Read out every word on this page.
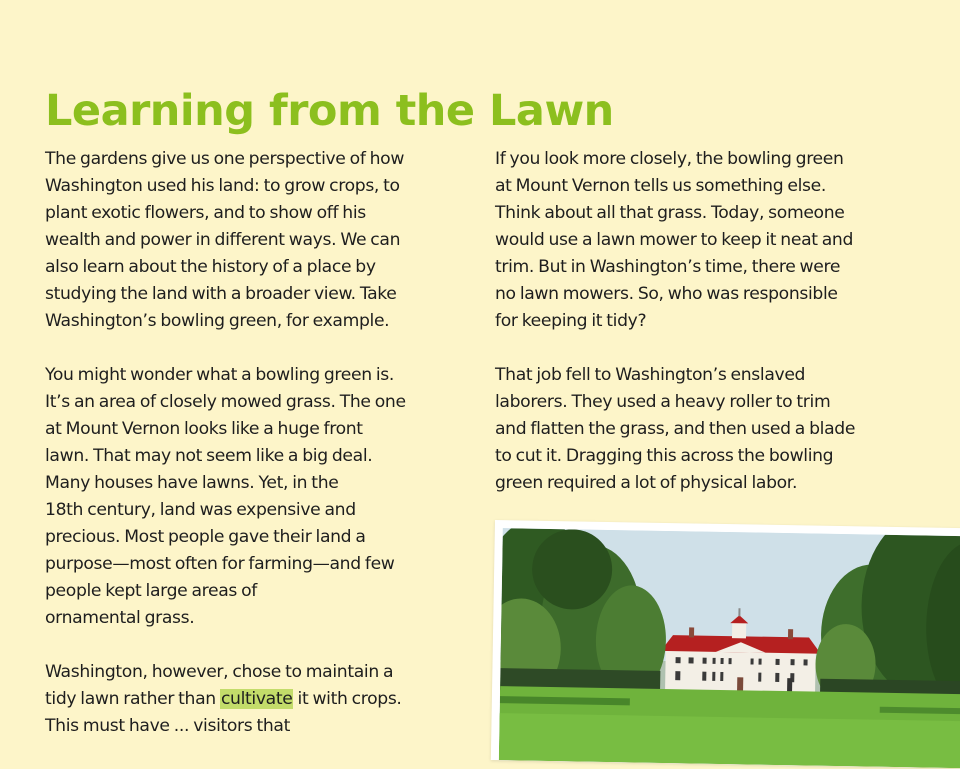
Learning from the Lawn

The gardens give us one perspective of how
Washington used his land: to grow crops, to
plant exotic flowers, and to show off his
wealth and power in different ways. We can
also learn about the history of a place by
studying the land with a broader view. Take
Washington’s bowling green, for example.

You might wonder what a bowling green is.
It’s an area of closely mowed grass. The one
at Mount Vernon looks like a huge front
lawn. That may not seem like a big deal.
Many houses have lawns. Yet, in the
18th century, land was expensive and
precious. Most people gave their land a
purpose—most often for farming—and few
people kept large areas of
ornamental grass.

Washington, however, chose to maintain a
tidy lawn rather than cultivate it with crops.
This must have ... visitors that

If you look more closely, the bowling green
at Mount Vernon tells us something else.
Think about all that grass. Today, someone
would use a lawn mower to keep it neat and
trim. But in Washington’s time, there were
no lawn mowers. So, who was responsible
for keeping it tidy?

That job fell to Washington’s enslaved
laborers. They used a heavy roller to trim
and flatten the grass, and then used a blade
to cut it. Dragging this across the bowling
green required a lot of physical labor.
